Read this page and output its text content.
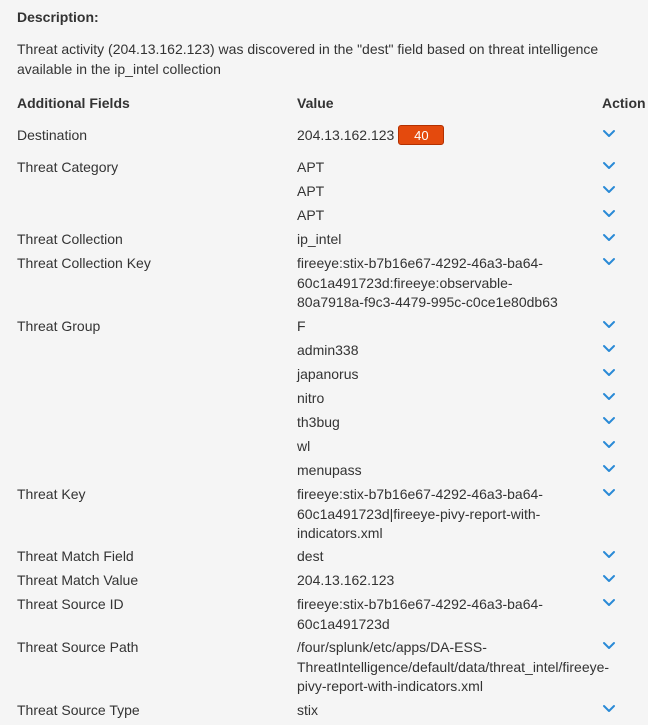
Description:
Threat activity (204.13.162.123) was discovered in the "dest" field based on threat intelligence available in the ip_intel collection
Additional Fields	Value	Action
Destination	204.13.162.123 40
Threat Category	APT
APT
APT
Threat Collection	ip_intel
Threat Collection Key	fireeye:stix-b7b16e67-4292-46a3-ba64-60c1a491723d:fireeye:observable-80a7918a-f9c3-4479-995c-c0ce1e80db63
Threat Group	F
admin338
japanorus
nitro
th3bug
wl
menupass
Threat Key	fireeye:stix-b7b16e67-4292-46a3-ba64-60c1a491723d|fireeye-pivy-report-with-indicators.xml
Threat Match Field	dest
Threat Match Value	204.13.162.123
Threat Source ID	fireeye:stix-b7b16e67-4292-46a3-ba64-60c1a491723d
Threat Source Path	/four/splunk/etc/apps/DA-ESS-ThreatIntelligence/default/data/threat_intel/fireeye-pivy-report-with-indicators.xml
Threat Source Type	stix
